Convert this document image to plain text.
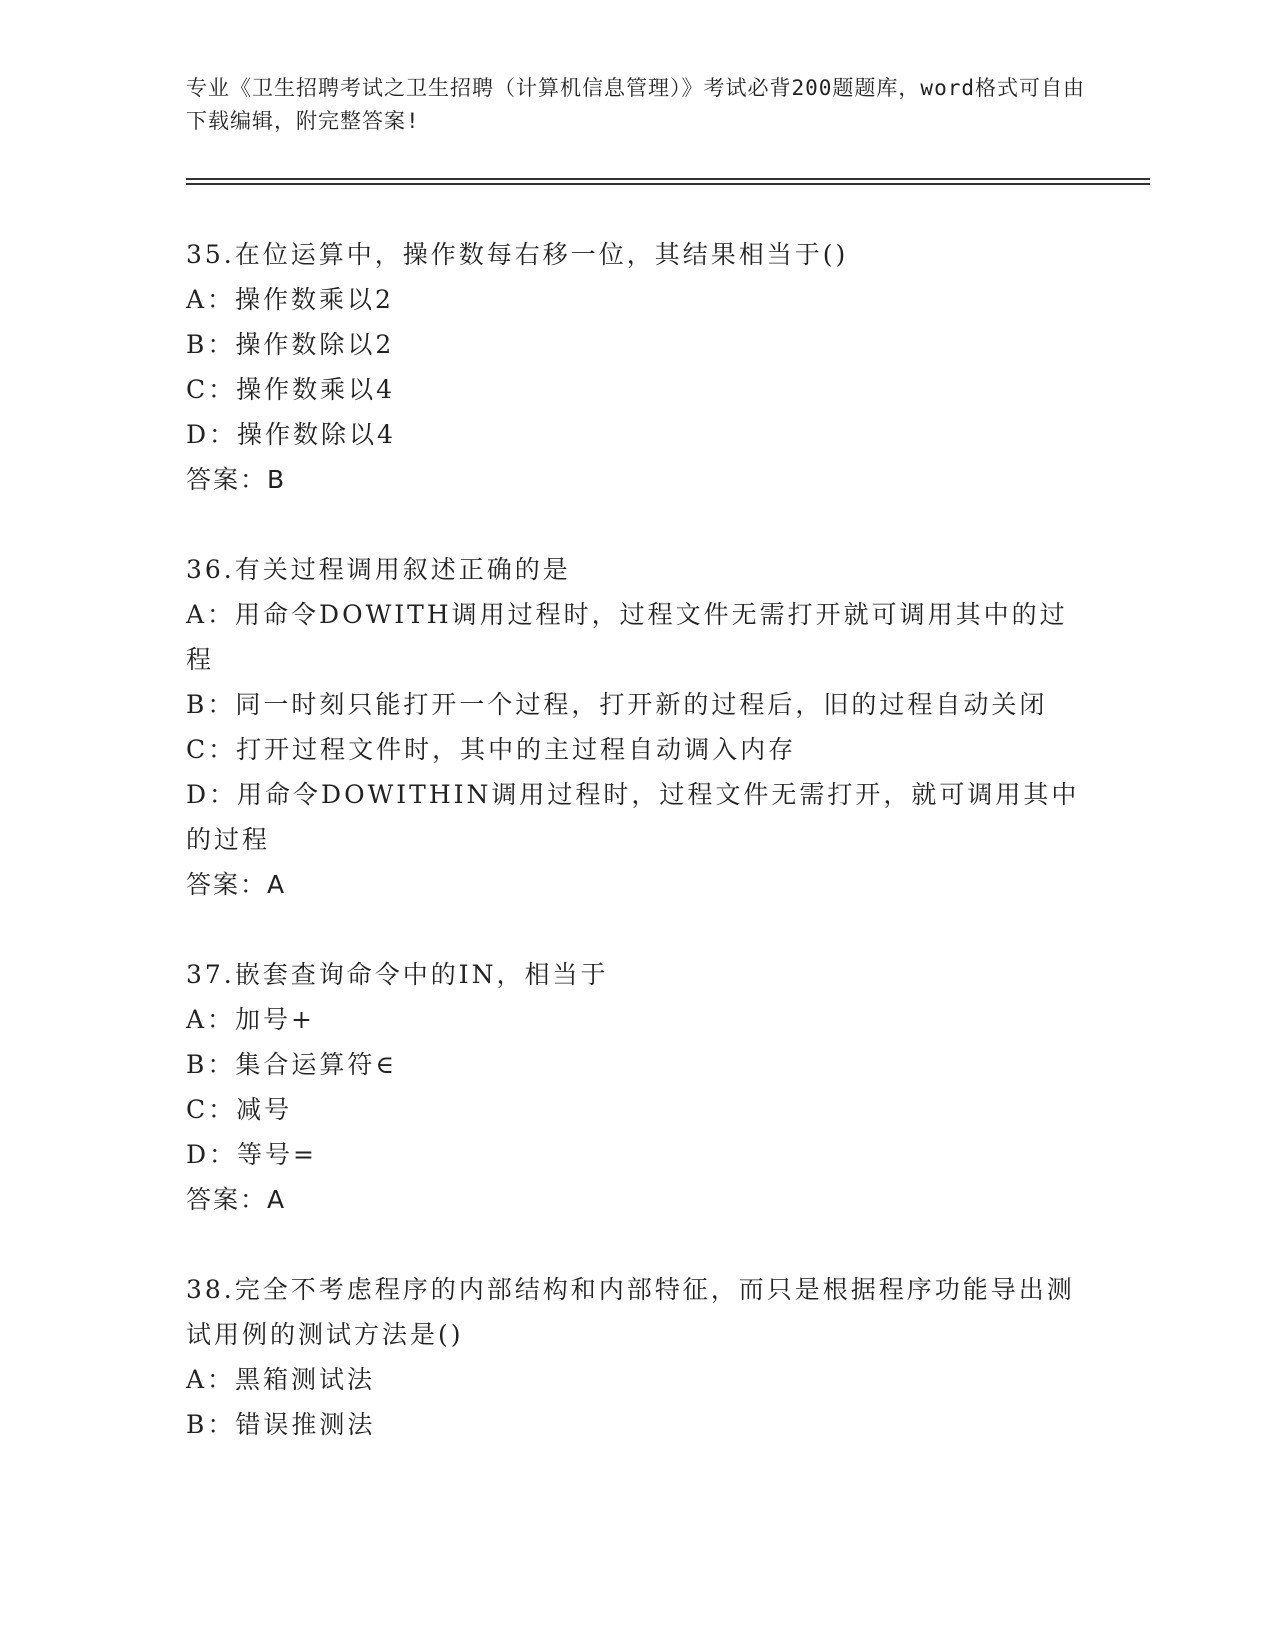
专业《卫生招聘考试之卫生招聘（计算机信息管理）》考试必背200题题库，word格式可自由下载编辑，附完整答案!
35.在位运算中，操作数每右移一位，其结果相当于()
A：操作数乘以2
B：操作数除以2
C：操作数乘以4
D：操作数除以4
答案：B
36.有关过程调用叙述正确的是
A：用命令DOWITH调用过程时，过程文件无需打开就可调用其中的过程
B：同一时刻只能打开一个过程，打开新的过程后，旧的过程自动关闭
C：打开过程文件时，其中的主过程自动调入内存
D：用命令DOWITHIN调用过程时，过程文件无需打开，就可调用其中的过程
答案：A
37.嵌套查询命令中的IN，相当于
A：加号+
B：集合运算符∈
C：减号
D：等号=
答案：A
38.完全不考虑程序的内部结构和内部特征，而只是根据程序功能导出测试用例的测试方法是()
A：黑箱测试法
B：错误推测法
